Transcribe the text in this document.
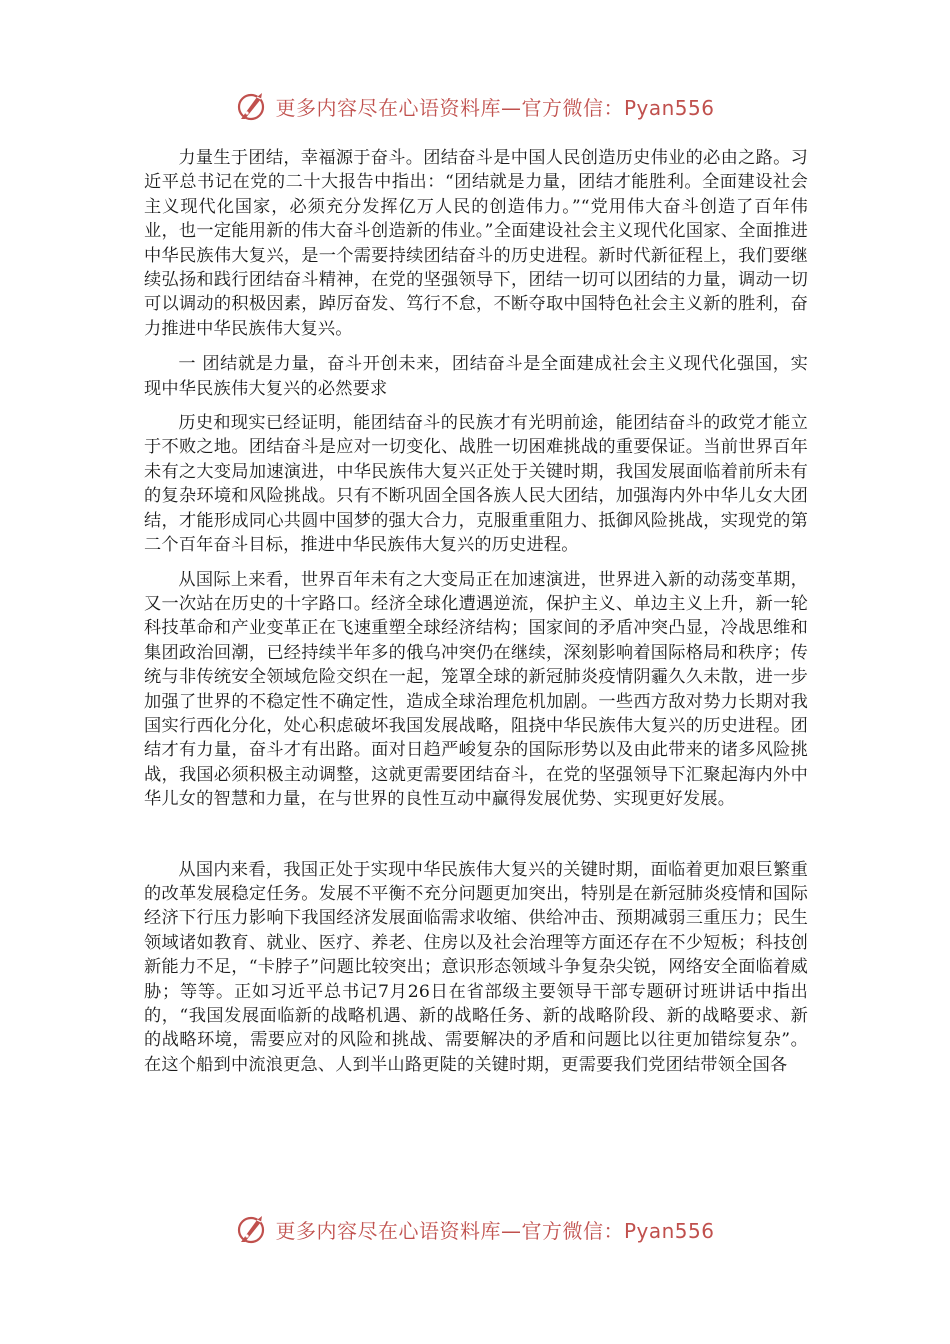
更多内容尽在心语资料库—官方微信：Pyan556

力量生于团结，幸福源于奋斗。团结奋斗是中国人民创造历史伟业的必由之路。习近平总书记在党的二十大报告中指出：“团结就是力量，团结才能胜利。全面建设社会主义现代化国家，必须充分发挥亿万人民的创造伟力。”“党用伟大奋斗创造了百年伟业，也一定能用新的伟大奋斗创造新的伟业。”全面建设社会主义现代化国家、全面推进中华民族伟大复兴，是一个需要持续团结奋斗的历史进程。新时代新征程上，我们要继续弘扬和践行团结奋斗精神，在党的坚强领导下，团结一切可以团结的力量，调动一切可以调动的积极因素，踔厉奋发、笃行不怠，不断夺取中国特色社会主义新的胜利，奋力推进中华民族伟大复兴。

一 团结就是力量，奋斗开创未来，团结奋斗是全面建成社会主义现代化强国，实现中华民族伟大复兴的必然要求

历史和现实已经证明，能团结奋斗的民族才有光明前途，能团结奋斗的政党才能立于不败之地。团结奋斗是应对一切变化、战胜一切困难挑战的重要保证。当前世界百年未有之大变局加速演进，中华民族伟大复兴正处于关键时期，我国发展面临着前所未有的复杂环境和风险挑战。只有不断巩固全国各族人民大团结，加强海内外中华儿女大团结，才能形成同心共圆中国梦的强大合力，克服重重阻力、抵御风险挑战，实现党的第二个百年奋斗目标，推进中华民族伟大复兴的历史进程。

从国际上来看，世界百年未有之大变局正在加速演进，世界进入新的动荡变革期，又一次站在历史的十字路口。经济全球化遭遇逆流，保护主义、单边主义上升，新一轮科技革命和产业变革正在飞速重塑全球经济结构；国家间的矛盾冲突凸显，冷战思维和集团政治回潮，已经持续半年多的俄乌冲突仍在继续，深刻影响着国际格局和秩序；传统与非传统安全领域危险交织在一起，笼罩全球的新冠肺炎疫情阴霾久久未散，进一步加强了世界的不稳定性不确定性，造成全球治理危机加剧。一些西方敌对势力长期对我国实行西化分化，处心积虑破坏我国发展战略，阻挠中华民族伟大复兴的历史进程。团结才有力量，奋斗才有出路。面对日趋严峻复杂的国际形势以及由此带来的诸多风险挑战，我国必须积极主动调整，这就更需要团结奋斗，在党的坚强领导下汇聚起海内外中华儿女的智慧和力量，在与世界的良性互动中赢得发展优势、实现更好发展。

从国内来看，我国正处于实现中华民族伟大复兴的关键时期，面临着更加艰巨繁重的改革发展稳定任务。发展不平衡不充分问题更加突出，特别是在新冠肺炎疫情和国际经济下行压力影响下我国经济发展面临需求收缩、供给冲击、预期减弱三重压力；民生领域诸如教育、就业、医疗、养老、住房以及社会治理等方面还存在不少短板；科技创新能力不足，“卡脖子”问题比较突出；意识形态领域斗争复杂尖锐，网络安全面临着威胁；等等。正如习近平总书记7月26日在省部级主要领导干部专题研讨班讲话中指出的，“我国发展面临新的战略机遇、新的战略任务、新的战略阶段、新的战略要求、新的战略环境，需要应对的风险和挑战、需要解决的矛盾和问题比以往更加错综复杂”。在这个船到中流浪更急、人到半山路更陡的关键时期，更需要我们党团结带领全国各

更多内容尽在心语资料库—官方微信：Pyan556
